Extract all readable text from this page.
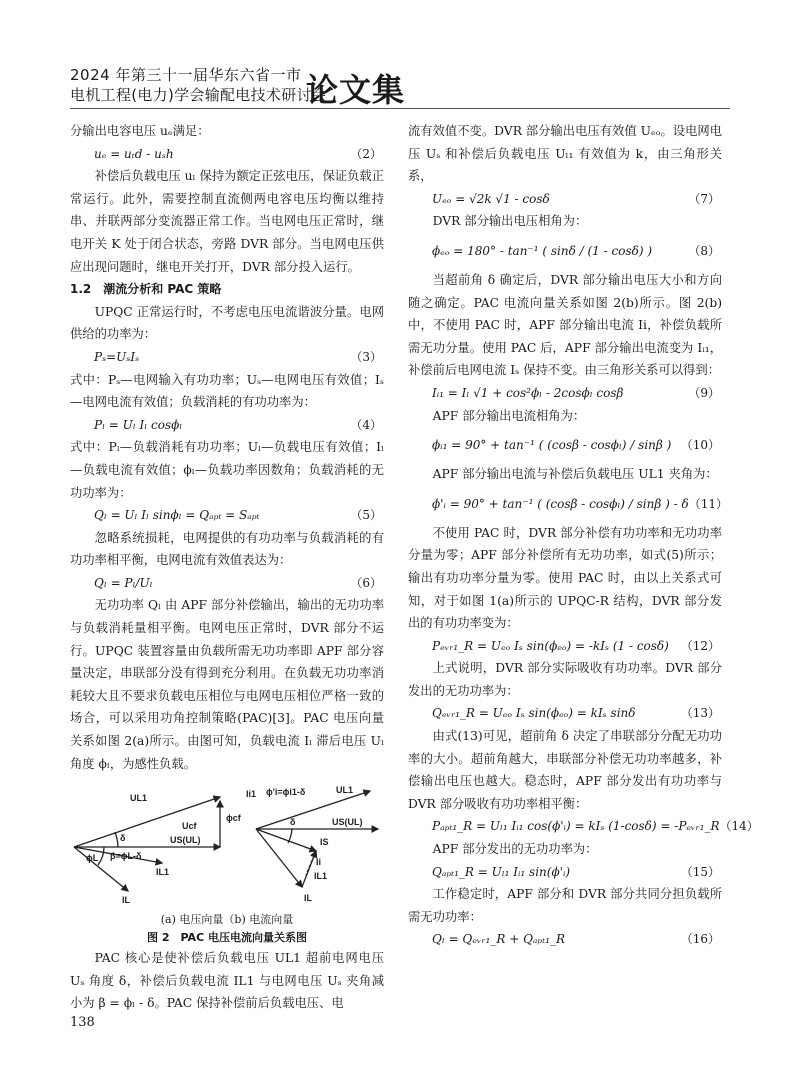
2024 年第三十一届华东六省一市
电机工程(电力)学会输配电技术研讨会
论文集

分输出电容电压 uₑ满足：

uₑ = uₜd - uₛh	（2）

补偿后负载电压 uₗ 保持为额定正弦电压，保证负载正常运行。此外，需要控制直流侧两电容电压均衡以维持串、并联两部分变流器正常工作。当电网电压正常时，继电开关 K 处于闭合状态，旁路 DVR 部分。当电网电压供应出现问题时，继电开关打开，DVR 部分投入运行。

1.2　潮流分析和 PAC 策略

UPQC 正常运行时，不考虑电压电流谐波分量。电网供给的功率为：

Pₛ=UₛIₛ	（3）

式中：Pₛ—电网输入有功功率；Uₛ—电网电压有效值；Iₛ—电网电流有效值；负载消耗的有功功率为：

Pₗ = Uₗ Iₗ cosϕₗ	（4）

式中：Pₗ—负载消耗有功功率；Uₗ—负载电压有效值；Iₗ—负载电流有效值；ϕₗ—负载功率因数角；负载消耗的无功功率为：

Qₗ = Uₗ Iₗ sinϕₗ = Qₐₚₜ = Sₐₚₜ	（5）

忽略系统损耗，电网提供的有功功率与负载消耗的有功功率相平衡，电网电流有效值表达为：

Qₗ = Pₗ/Uₗ	（6）

无功功率 Qₗ 由 APF 部分补偿输出，输出的无功功率与负载消耗量相平衡。电网电压正常时，DVR 部分不运行。UPQC 装置容量由负载所需无功功率即 APF 部分容量决定，串联部分没有得到充分利用。在负载无功功率消耗较大且不要求负载电压相位与电网电压相位严格一致的场合，可以采用功角控制策略(PAC)[3]。PAC 电压向量关系如图 2(a)所示。由图可知，负载电流 Iₗ 滞后电压 Uₗ 角度 ϕₗ，为感性负载。

UL1
Ucf
ϕcf
US(UL)
δ
β=ϕL-δ
ϕL
IL1
IL
Ii1 ϕ'i=ϕi1-δ	UL1
US(UL)
δ
IS
Ii
IL1
IL
(a) 电压向量（b) 电流向量
图 2　PAC 电压电流向量关系图

PAC 核心是使补偿后负载电压 UL1 超前电网电压 Uₛ 角度 δ，补偿后负载电流 IL1 与电网电压 Uₛ 夹角减小为 β = ϕₗ - δ。PAC 保持补偿前后负载电压、电

流有效值不变。DVR 部分输出电压有效值 Uₑₒ。设电网电压 Uₛ 和补偿后负载电压 Uₗ₁ 有效值为 k，由三角形关系，

Uₑₒ = √2k √1 - cosδ	（7）

DVR 部分输出电压相角为：

ϕₑₒ = 180° - tan⁻¹ ( sinδ / (1 - cosδ) )	（8）

当超前角 δ 确定后，DVR 部分输出电压大小和方向随之确定。PAC 电流向量关系如图 2(b)所示。图 2(b)中，不使用 PAC 时，APF 部分输出电流 Ii，补偿负载所需无功分量。使用 PAC 后，APF 部分输出电流变为 Iᵢ₁，补偿前后电网电流 Iₛ 保持不变。由三角形关系可以得到：

Iᵢ₁ = Iₗ √1 + cos²ϕₗ - 2cosϕₗ cosβ	（9）

APF 部分输出电流相角为：

ϕᵢ₁ = 90° + tan⁻¹ ( (cosβ - cosϕₗ) / sinβ ) （10）

APF 部分输出电流与补偿后负载电压 UL1 夹角为：

ϕ'ᵢ = 90° + tan⁻¹ ( (cosβ - cosϕₗ) / sinβ ) - δ （11）

不使用 PAC 时，DVR 部分补偿有功功率和无功功率分量为零；APF 部分补偿所有无功功率，如式(5)所示；输出有功功率分量为零。使用 PAC 时，由以上关系式可知，对于如图 1(a)所示的 UPQC-R 结构，DVR 部分发出的有功功率变为：

Pₑᵥᵣ₁_R = Uₑₒ Iₛ sin(ϕₑₒ) = -kIₛ (1 - cosδ) （12）

上式说明，DVR 部分实际吸收有功功率。DVR 部分发出的无功功率为：

Qₑᵥᵣ₁_R = Uₑₒ Iₛ sin(ϕₑₒ) = kIₛ sinδ	（13）

由式(13)可见，超前角 δ 决定了串联部分分配无功功率的大小。超前角越大，串联部分补偿无功功率越多，补偿输出电压也越大。稳态时，APF 部分发出有功功率与 DVR 部分吸收有功功率相平衡：

Pₐₚₜ₁_R = Uₗ₁ Iᵢ₁ cos(ϕ'ᵢ) = kIₛ (1-cosδ) = -Pₑᵥᵣ₁_R （14）

APF 部分发出的无功功率为：

Qₐₚₜ₁_R = Uₗ₁ Iᵢ₁ sin(ϕ'ᵢ)	（15）

工作稳定时，APF 部分和 DVR 部分共同分担负载所需无功功率：

Qₗ = Qₑᵥᵣ₁_R + Qₐₚₜ₁_R	（16）
138
